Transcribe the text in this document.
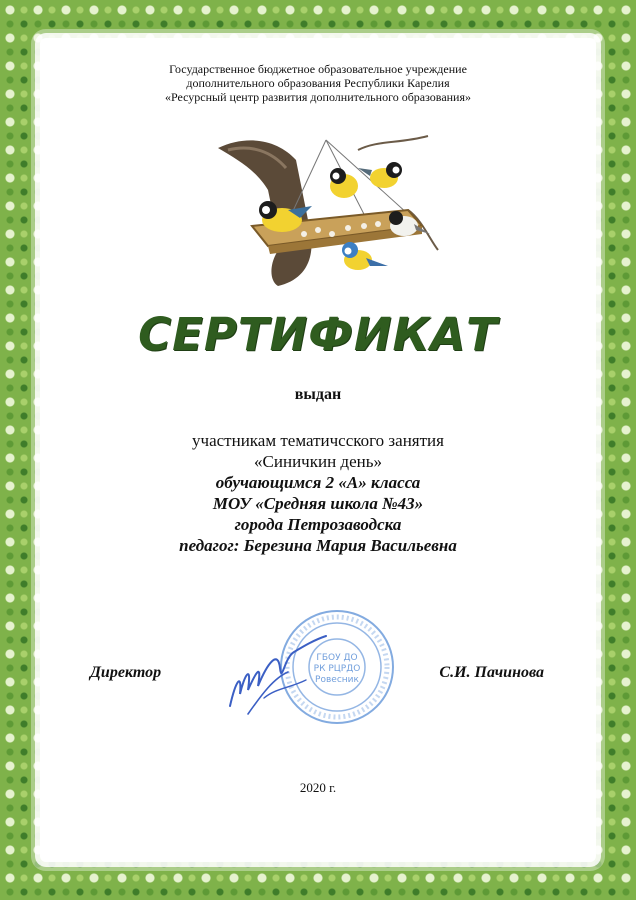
Государственное бюджетное образовательное учреждение
дополнительного образования Республики Карелия
«Ресурсный центр развития дополнительного образования»
СЕРТИФИКАТ
выдан
участникам тематичсского занятия
«Синичкин день»
обучающимся 2 «А» класса
МОУ «Средняя школа №43»
города Петрозаводска
педагог: Березина Мария Васильевна
ГБОУ ДО
РК РЦРДО
Ровесник
Директор	С.И. Пачинова
2020 г.
